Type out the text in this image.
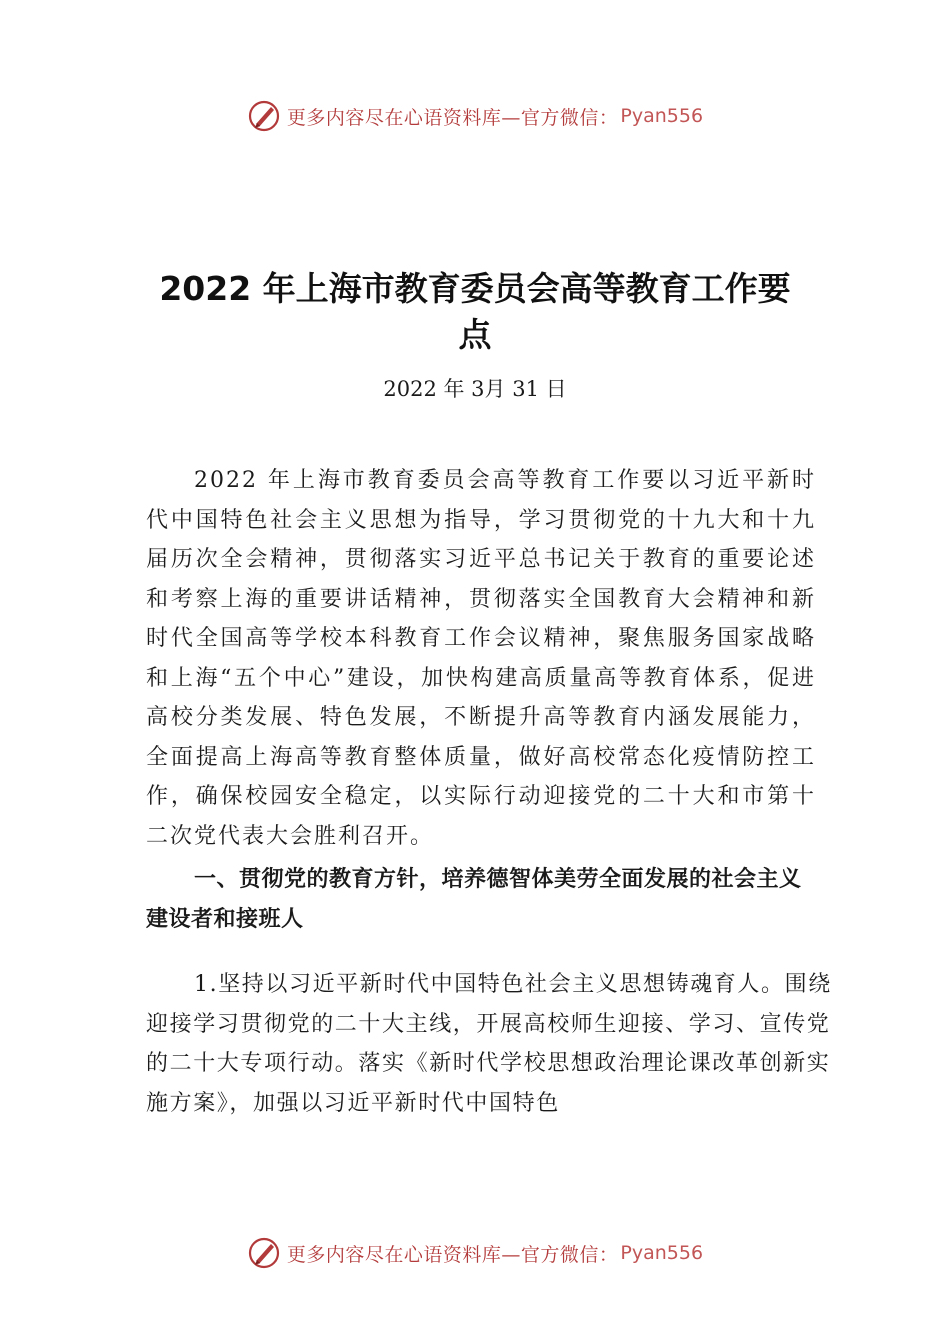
更多内容尽在心语资料库—官方微信： Pyan556
2022 年上海市教育委员会高等教育工作要
点
2022 年 3月 31 日

2022 年上海市教育委员会高等教育工作要以习近平新时代中国特色社会主义思想为指导，学习贯彻党的十九大和十九届历次全会精神，贯彻落实习近平总书记关于教育的重要论述和考察上海的重要讲话精神，贯彻落实全国教育大会精神和新时代全国高等学校本科教育工作会议精神，聚焦服务国家战略和上海“五个中心”建设，加快构建高质量高等教育体系，促进高校分类发展、特色发展，不断提升高等教育内涵发展能力，全面提高上海高等教育整体质量，做好高校常态化疫情防控工作，确保校园安全稳定，以实际行动迎接党的二十大和市第十二次党代表大会胜利召开。

一、贯彻党的教育方针，培养德智体美劳全面发展的社会主义建设者和接班人

1.坚持以习近平新时代中国特色社会主义思想铸魂育人。围绕迎接学习贯彻党的二十大主线，开展高校师生迎接、学习、宣传党的二十大专项行动。落实《新时代学校思想政治理论课改革创新实施方案》，加强以习近平新时代中国特色

更多内容尽在心语资料库—官方微信： Pyan556
